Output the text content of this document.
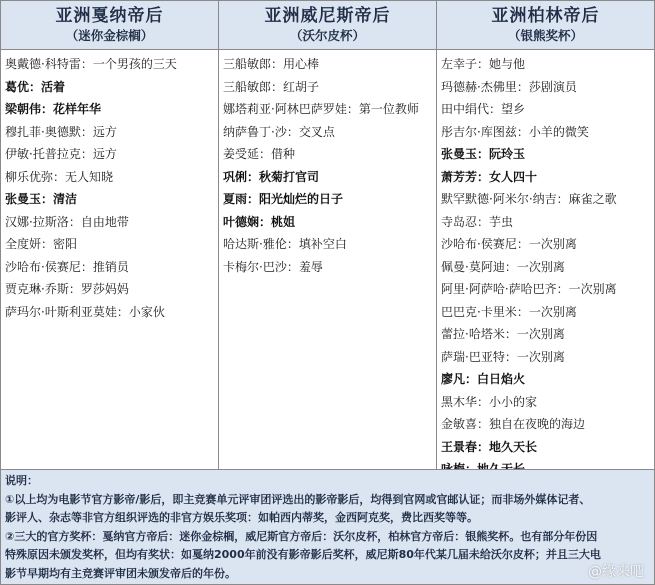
亚洲戛纳帝后
（迷你金棕榈）
奥戴德·科特雷：一个男孩的三天
葛优：活着
梁朝伟：花样年华
穆扎菲·奥德默：远方
伊敏·托普拉克：远方
柳乐优弥：无人知晓
张曼玉：清洁
汉娜·拉斯洛：自由地带
全度妍：密阳
沙哈布·侯赛尼：推销员
贾克琳·乔斯：罗莎妈妈
萨玛尔·叶斯利亚莫娃：小家伙
亚洲威尼斯帝后
（沃尔皮杯）
三船敏郎：用心棒
三船敏郎：红胡子
娜塔莉亚·阿林巴萨罗娃：第一位教师
纳萨鲁丁·沙：交叉点
姜受延：借种
巩俐：秋菊打官司
夏雨：阳光灿烂的日子
叶德娴：桃姐
哈达斯·雅伦：填补空白
卡梅尔·巴沙：羞辱
亚洲柏林帝后
（银熊奖杯）
左幸子：她与他
玛德赫·杰佛里：莎剧演员
田中绢代：望乡
彤吉尔·库图兹：小羊的微笑
张曼玉：阮玲玉
萧芳芳：女人四十
默罕默德·阿米尔·纳吉：麻雀之歌
寺岛忍：芋虫
沙哈布·侯赛尼：一次别离
佩曼·莫阿迪：一次别离
阿里·阿萨哈·萨哈巴齐：一次别离
巴巴克·卡里米：一次别离
蕾拉·哈塔米：一次别离
萨瑞·巴亚特：一次别离
廖凡：白日焰火
黑木华：小小的家
金敏喜：独自在夜晚的海边
王景春：地久天长
说明：
①以上均为电影节官方影帝/影后，即主竞赛单元评审团评选出的影帝影后，均得到官网或官邮认证；而非场外媒体记者、
影评人、杂志等非官方组织评选的非官方娱乐奖项：如帕西内蒂奖，金西阿克奖，费比西奖等等。
②三大的官方奖杯：戛纳官方帝后：迷你金棕榈，威尼斯官方帝后：沃尔皮杯，柏林官方帝后：银熊奖杯。也有部分年份因
特殊原因未颁发奖杯，但均有奖状：如戛纳2000年前没有影帝影后奖杯，威尼斯80年代某几届未给沃尔皮杯；并且三大电
影节早期均有主竞赛评审团未颁发帝后的年份。	@缘来吧
